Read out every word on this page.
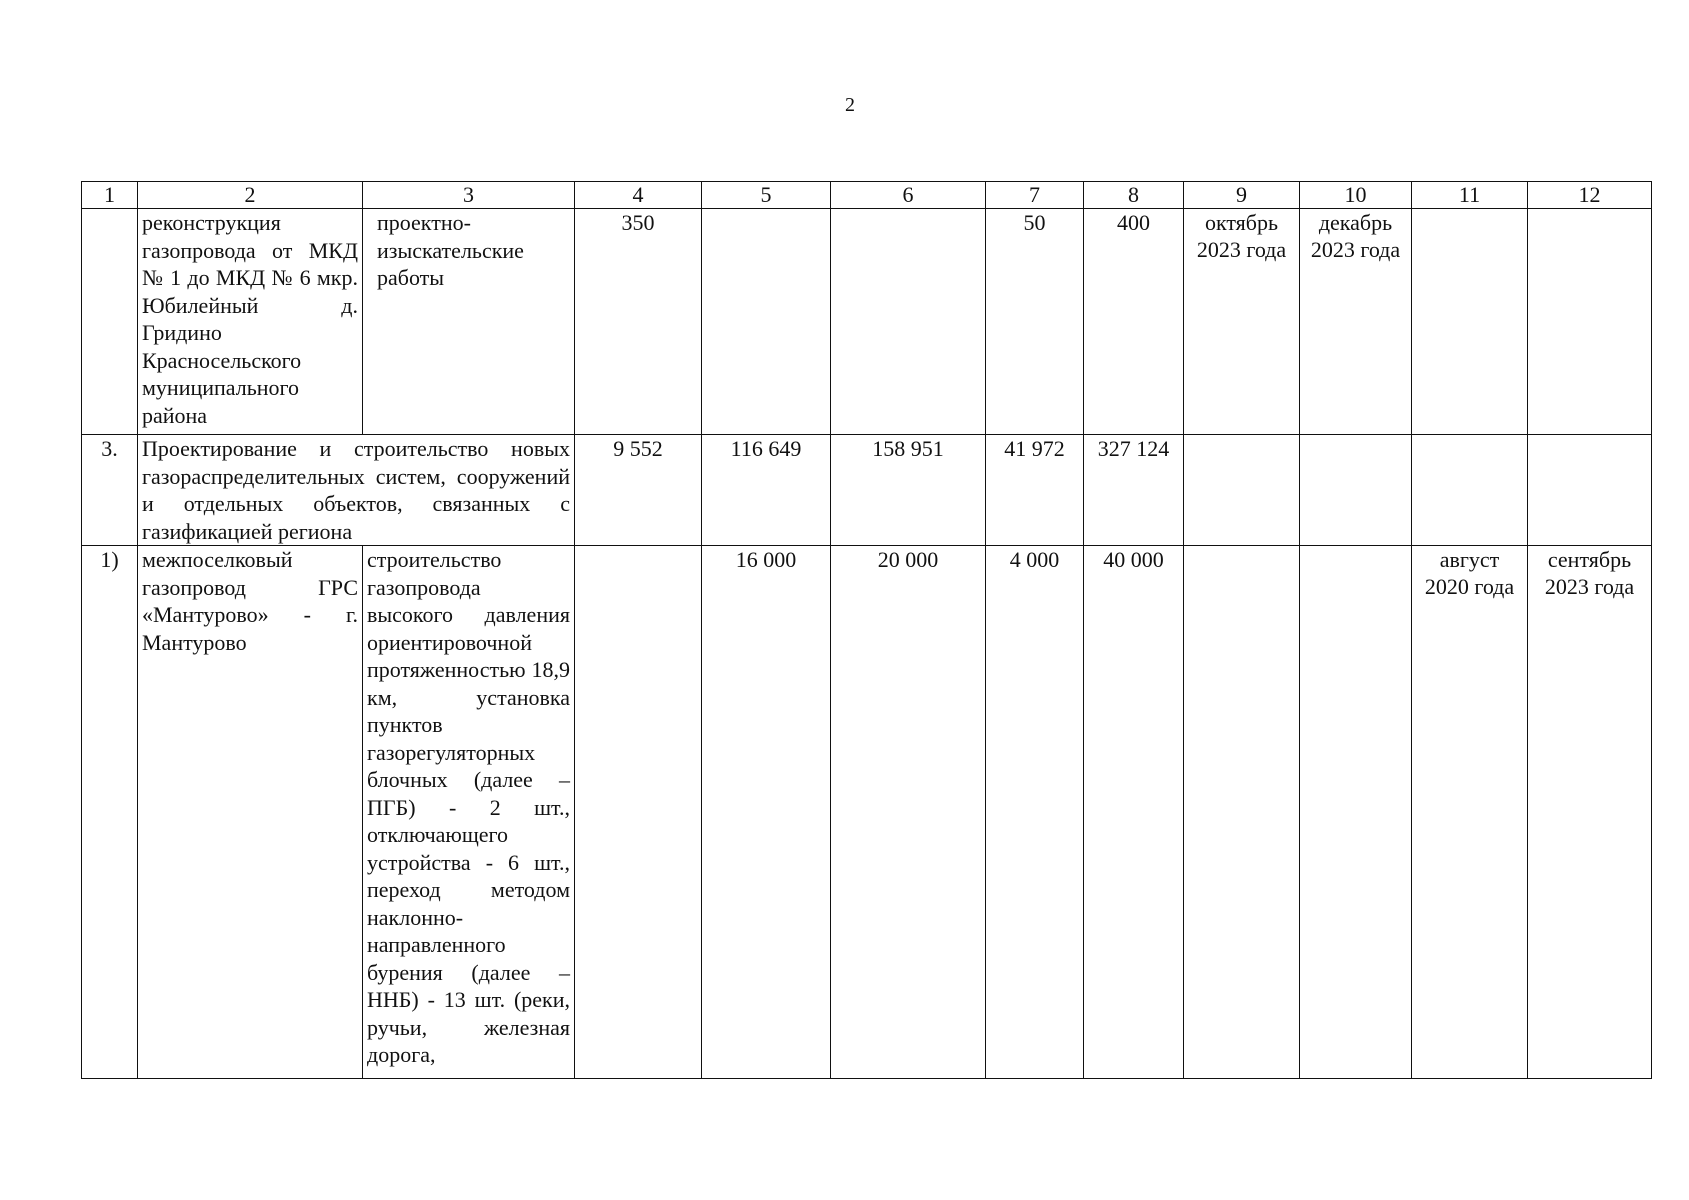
2
1	2	3	4	5	6	7	8	9	10	11	12
	реконструкция газопровода от МКД № 1 до МКД № 6 мкр. Юбилейный д. Гридино Красносельского муниципального района	проектно-изыскательские работы	350			50	400	октябрь 2023 года	декабрь 2023 года		
3.	Проектирование и строительство новых газораспределительных систем, сооружений и отдельных объектов, связанных с газификацией региона		9 552	116 649	158 951	41 972	327 124				
1)	межпоселковый газопровод ГРС «Мантурово» - г. Мантурово	строительство газопровода высокого давления ориентировочной протяженностью 18,9 км, установка пунктов газорегуляторных блочных (далее – ПГБ) - 2 шт., отключающего устройства - 6 шт., переход методом наклонно-направленного бурения (далее – ННБ) - 13 шт. (реки, ручьи, железная дорога,		16 000	20 000	4 000	40 000			август 2020 года	сентябрь 2023 года
